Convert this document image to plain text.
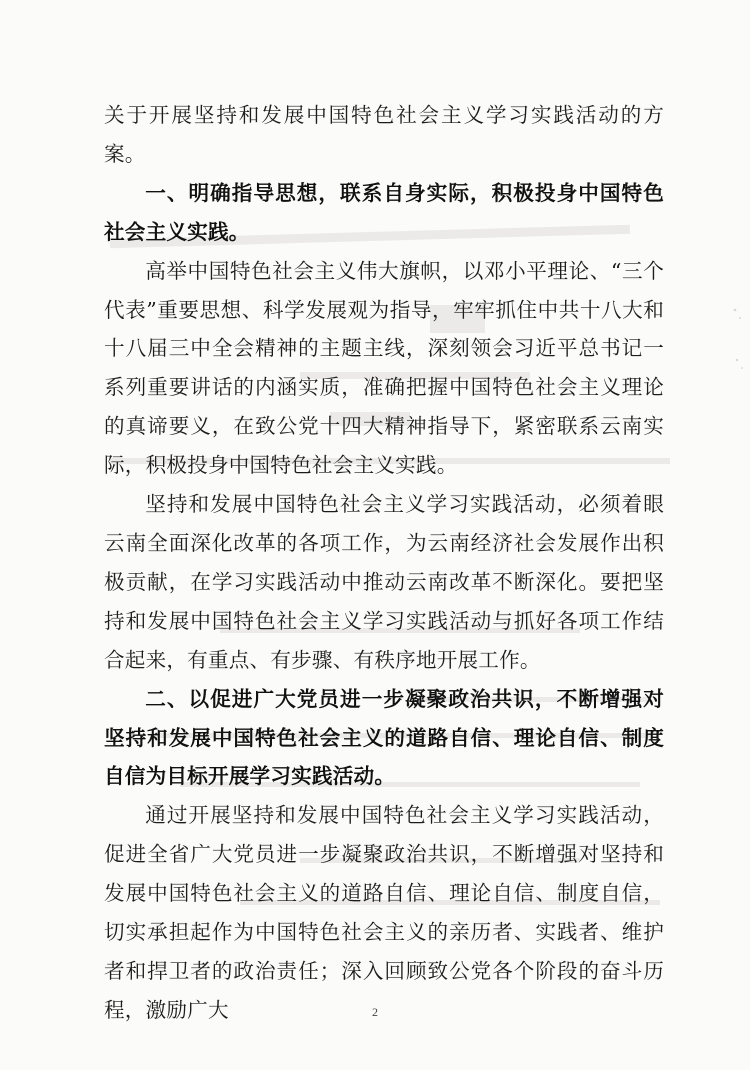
关于开展坚持和发展中国特色社会主义学习实践活动的方案。

一、明确指导思想，联系自身实际，积极投身中国特色社会主义实践。

高举中国特色社会主义伟大旗帜，以邓小平理论、“三个代表”重要思想、科学发展观为指导，牢牢抓住中共十八大和十八届三中全会精神的主题主线，深刻领会习近平总书记一系列重要讲话的内涵实质，准确把握中国特色社会主义理论的真谛要义，在致公党十四大精神指导下，紧密联系云南实际，积极投身中国特色社会主义实践。

坚持和发展中国特色社会主义学习实践活动，必须着眼云南全面深化改革的各项工作，为云南经济社会发展作出积极贡献，在学习实践活动中推动云南改革不断深化。要把坚持和发展中国特色社会主义学习实践活动与抓好各项工作结合起来，有重点、有步骤、有秩序地开展工作。

二、以促进广大党员进一步凝聚政治共识，不断增强对坚持和发展中国特色社会主义的道路自信、理论自信、制度自信为目标开展学习实践活动。

通过开展坚持和发展中国特色社会主义学习实践活动，促进全省广大党员进一步凝聚政治共识，不断增强对坚持和发展中国特色社会主义的道路自信、理论自信、制度自信，切实承担起作为中国特色社会主义的亲历者、实践者、维护者和捍卫者的政治责任；深入回顾致公党各个阶段的奋斗历程，激励广大	2
